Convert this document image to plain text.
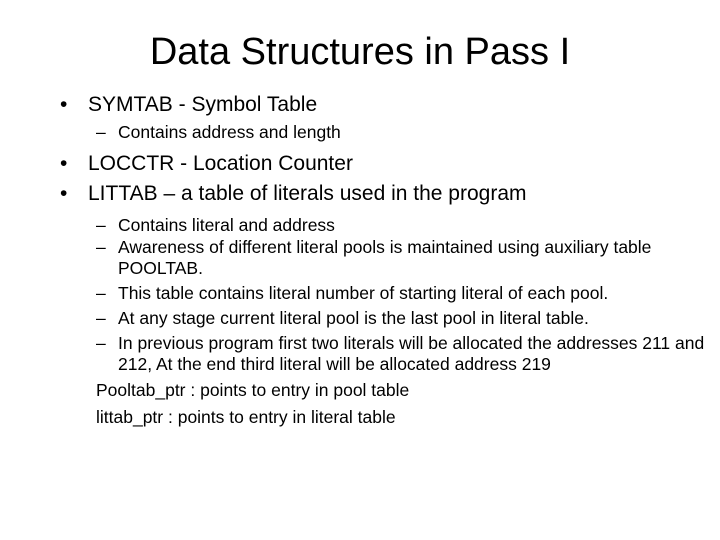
Data Structures in Pass I
• SYMTAB - Symbol Table
– Contains address and length
• LOCCTR - Location Counter
• LITTAB – a table of literals used in the program
– Contains literal and address
– Awareness of different literal pools is maintained using auxiliary table POOLTAB.
– This table contains literal number of starting literal of each pool.
– At any stage current literal pool is the last pool in literal table.
– In previous program first two literals will be allocated the addresses 211 and 212, At the end third literal will be allocated address 219
Pooltab_ptr : points to entry in pool table
littab_ptr : points to entry in literal table
